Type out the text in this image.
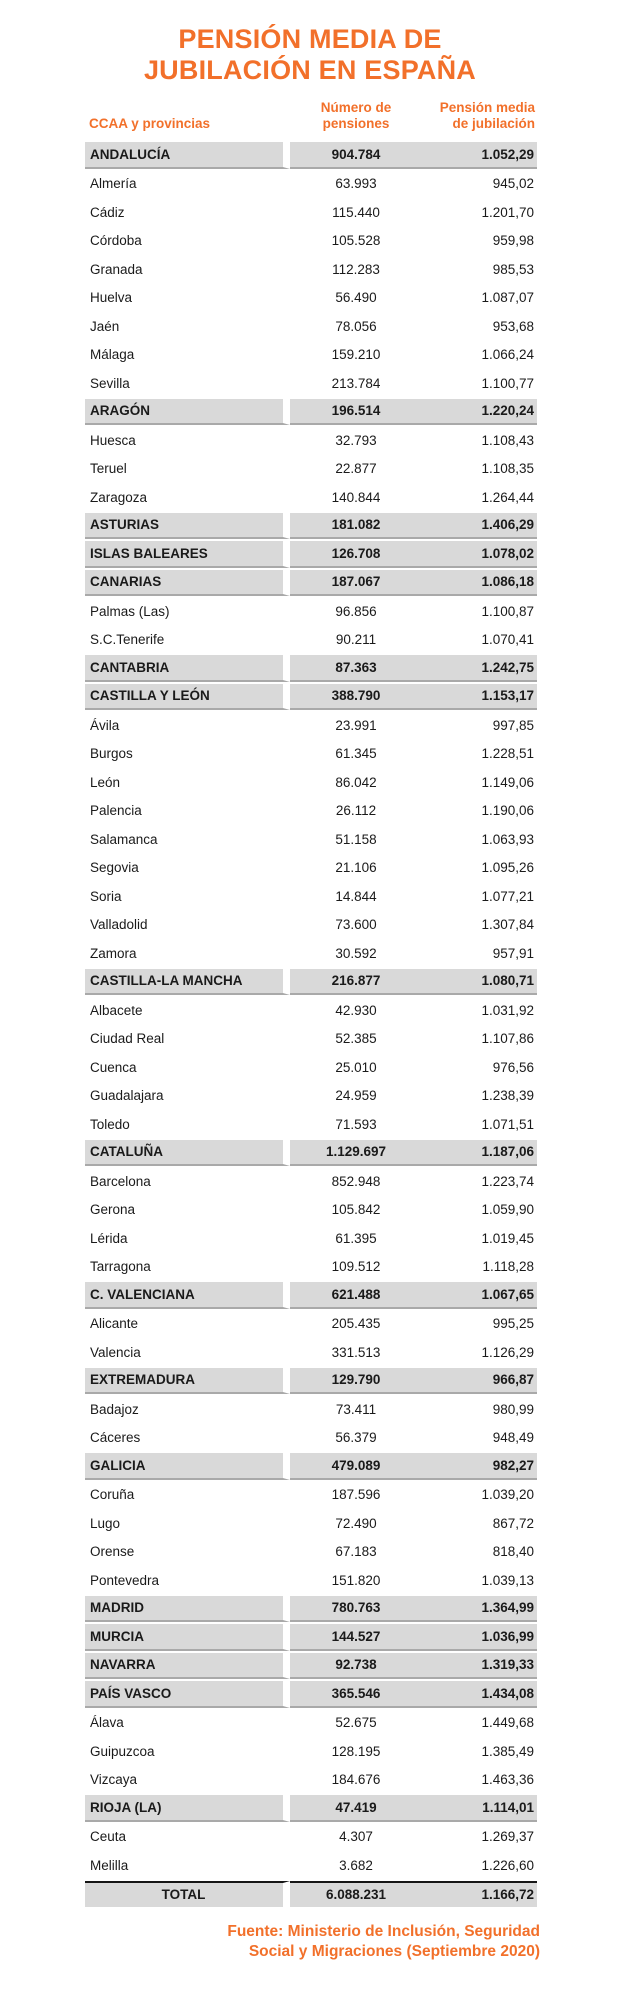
PENSIÓN MEDIA DE
JUBILACIÓN EN ESPAÑA
CCAA y provincias	Número de pensiones	Pensión media de jubilación
ANDALUCÍA	904.784	1.052,29
Almería	63.993	945,02
Cádiz	115.440	1.201,70
Córdoba	105.528	959,98
Granada	112.283	985,53
Huelva	56.490	1.087,07
Jaén	78.056	953,68
Málaga	159.210	1.066,24
Sevilla	213.784	1.100,77
ARAGÓN	196.514	1.220,24
Huesca	32.793	1.108,43
Teruel	22.877	1.108,35
Zaragoza	140.844	1.264,44
ASTURIAS	181.082	1.406,29
ISLAS BALEARES	126.708	1.078,02
CANARIAS	187.067	1.086,18
Palmas (Las)	96.856	1.100,87
S.C.Tenerife	90.211	1.070,41
CANTABRIA	87.363	1.242,75
CASTILLA Y LEÓN	388.790	1.153,17
Ávila	23.991	997,85
Burgos	61.345	1.228,51
León	86.042	1.149,06
Palencia	26.112	1.190,06
Salamanca	51.158	1.063,93
Segovia	21.106	1.095,26
Soria	14.844	1.077,21
Valladolid	73.600	1.307,84
Zamora	30.592	957,91
CASTILLA-LA MANCHA	216.877	1.080,71
Albacete	42.930	1.031,92
Ciudad Real	52.385	1.107,86
Cuenca	25.010	976,56
Guadalajara	24.959	1.238,39
Toledo	71.593	1.071,51
CATALUÑA	1.129.697	1.187,06
Barcelona	852.948	1.223,74
Gerona	105.842	1.059,90
Lérida	61.395	1.019,45
Tarragona	109.512	1.118,28
C. VALENCIANA	621.488	1.067,65
Alicante	205.435	995,25
Valencia	331.513	1.126,29
EXTREMADURA	129.790	966,87
Badajoz	73.411	980,99
Cáceres	56.379	948,49
GALICIA	479.089	982,27
Coruña	187.596	1.039,20
Lugo	72.490	867,72
Orense	67.183	818,40
Pontevedra	151.820	1.039,13
MADRID	780.763	1.364,99
MURCIA	144.527	1.036,99
NAVARRA	92.738	1.319,33
PAÍS VASCO	365.546	1.434,08
Álava	52.675	1.449,68
Guipuzcoa	128.195	1.385,49
Vizcaya	184.676	1.463,36
RIOJA (LA)	47.419	1.114,01
Ceuta	4.307	1.269,37
Melilla	3.682	1.226,60
TOTAL	6.088.231	1.166,72
Fuente: Ministerio de Inclusión, Seguridad
Social y Migraciones (Septiembre 2020)
